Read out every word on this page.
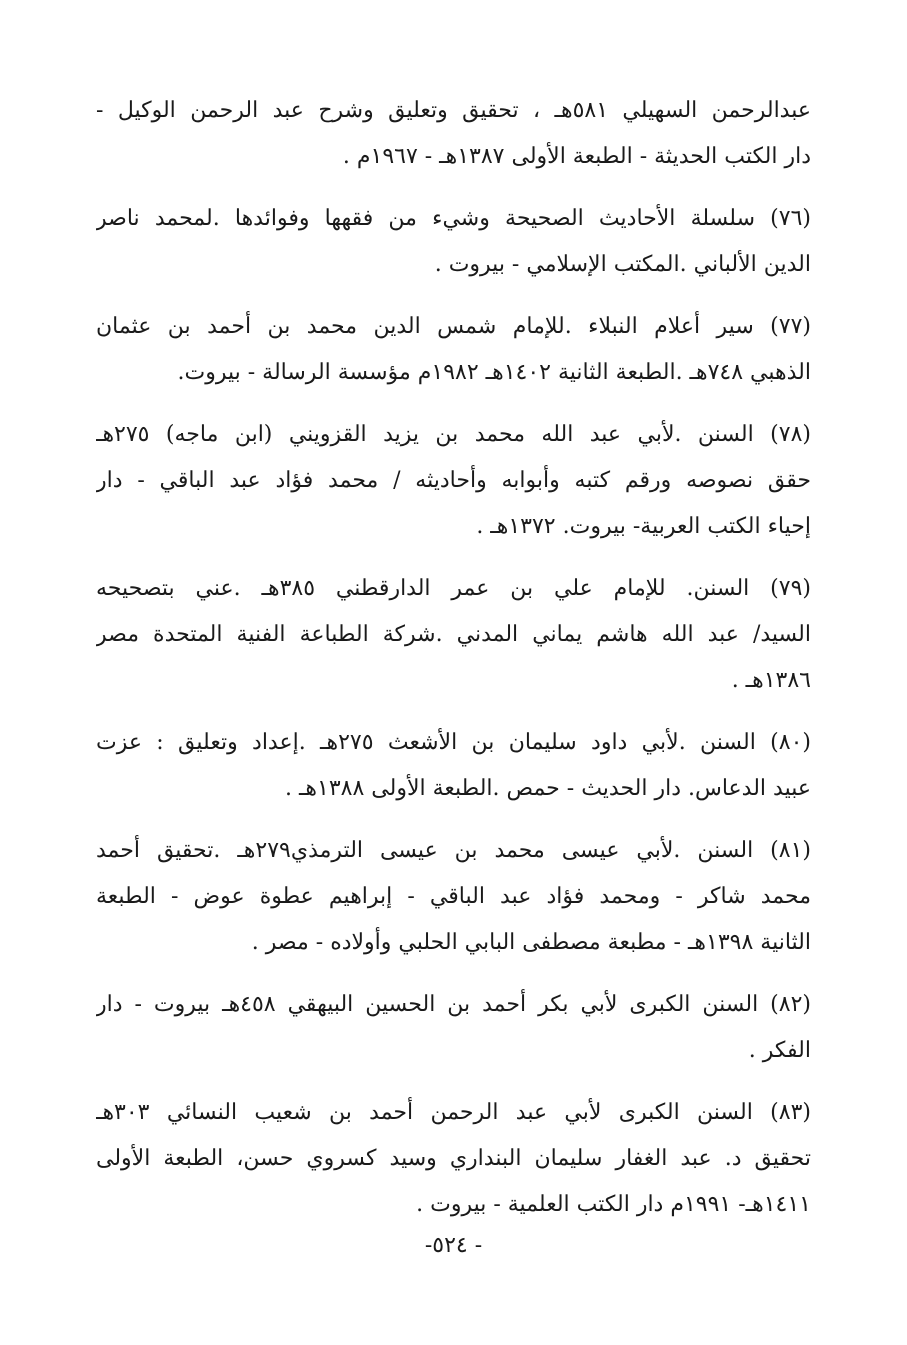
عبدالرحمن السهيلي ٥٨١هـ ، تحقيق وتعليق وشرح عبد الرحمن الوكيل -
دار الكتب الحديثة - الطبعة الأولى ١٣٨٧هـ - ١٩٦٧م .
(٧٦) سلسلة الأحاديث الصحيحة وشيء من فقهها وفوائدها .لمحمد ناصر
الدين الألباني .المكتب الإسلامي - بيروت .
(٧٧) سير أعلام النبلاء .للإمام شمس الدين محمد بن أحمد بن عثمان
الذهبي ٧٤٨هـ .الطبعة الثانية ١٤٠٢هـ ١٩٨٢م مؤسسة الرسالة - بيروت.
(٧٨) السنن .لأبي عبد الله محمد بن يزيد القزويني (ابن ماجه) ٢٧٥هـ
حقق نصوصه ورقم كتبه وأبوابه وأحاديثه / محمد فؤاد عبد الباقي - دار
إحياء الكتب العربية- بيروت. ١٣٧٢هـ .
(٧٩) السنن. للإمام علي بن عمر الدارقطني ٣٨٥هـ .عني بتصحيحه
السيد/ عبد الله هاشم يماني المدني .شركة الطباعة الفنية المتحدة مصر
١٣٨٦هـ .
(٨٠) السنن .لأبي داود سليمان بن الأشعث ٢٧٥هـ .إعداد وتعليق : عزت
عبيد الدعاس. دار الحديث - حمص .الطبعة الأولى ١٣٨٨هـ .
(٨١) السنن .لأبي عيسى محمد بن عيسى الترمذي٢٧٩هـ .تحقيق أحمد
محمد شاكر - ومحمد فؤاد عبد الباقي - إبراهيم عطوة عوض - الطبعة
الثانية ١٣٩٨هـ - مطبعة مصطفى البابي الحلبي وأولاده - مصر .
(٨٢) السنن الكبرى لأبي بكر أحمد بن الحسين البيهقي ٤٥٨هـ بيروت - دار
الفكر .
(٨٣) السنن الكبرى لأبي عبد الرحمن أحمد بن شعيب النسائي ٣٠٣هـ
تحقيق د. عبد الغفار سليمان البنداري وسيد كسروي حسن، الطبعة الأولى
١٤١١هـ- ١٩٩١م دار الكتب العلمية - بيروت .
- ٥٢٤-
